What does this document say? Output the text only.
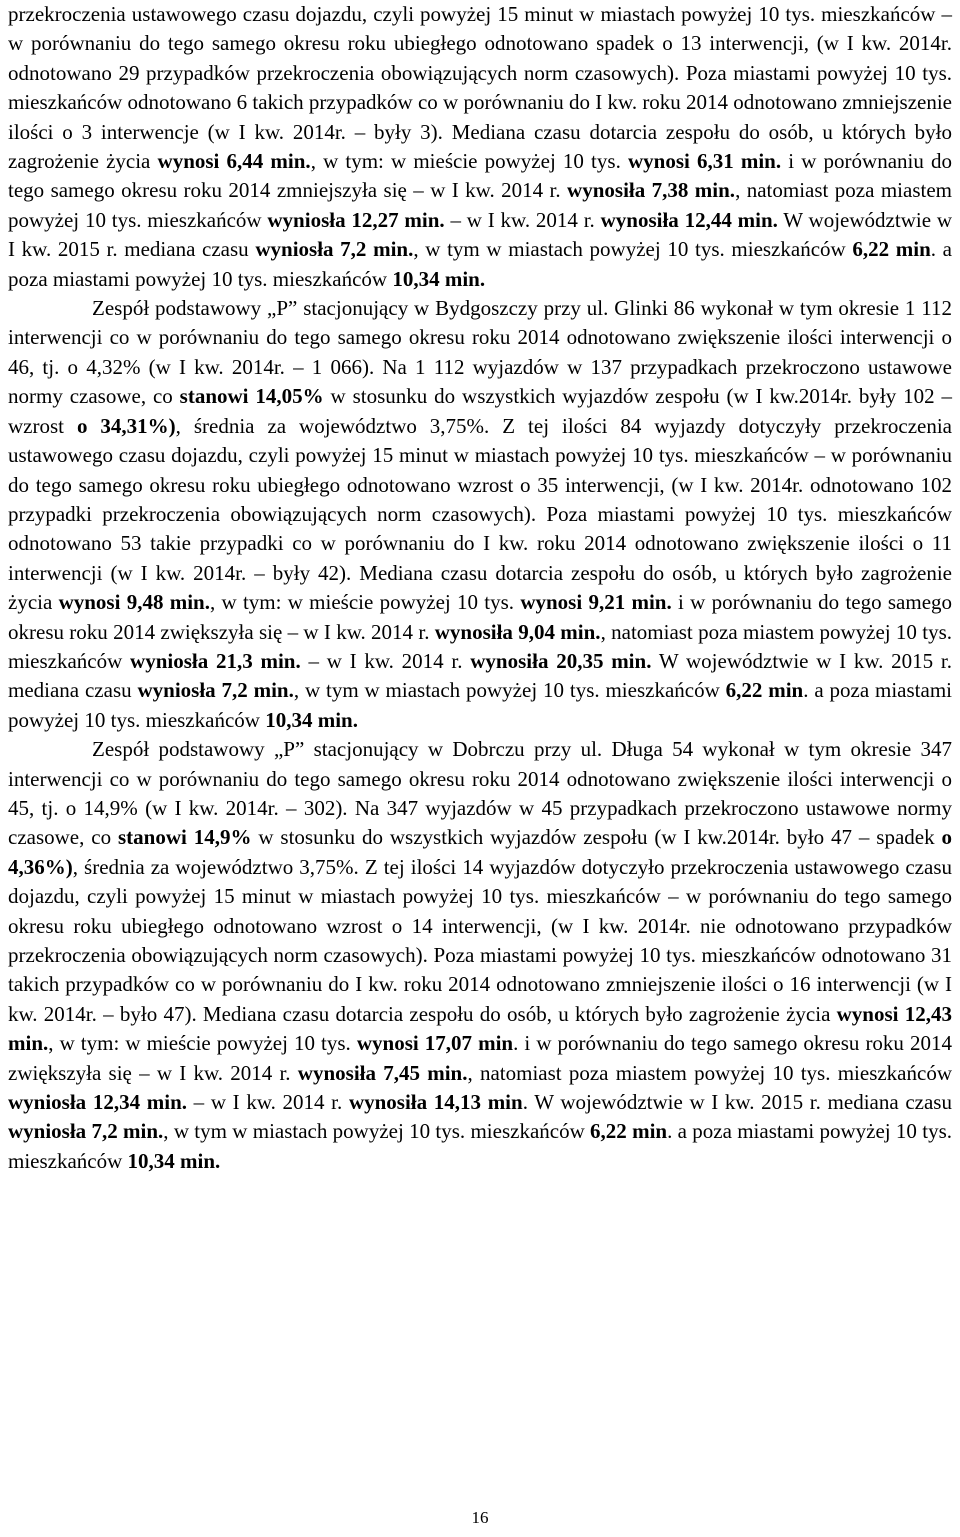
przekroczenia ustawowego czasu dojazdu, czyli powyżej 15 minut w miastach powyżej 10 tys. mieszkańców – w porównaniu do tego samego okresu roku ubiegłego odnotowano spadek o 13 interwencji, (w I kw. 2014r. odnotowano 29 przypadków przekroczenia obowiązujących norm czasowych). Poza miastami powyżej 10 tys. mieszkańców odnotowano 6 takich przypadków co w porównaniu do I kw. roku 2014 odnotowano zmniejszenie ilości o 3 interwencje (w I kw. 2014r. – były 3). Mediana czasu dotarcia zespołu do osób, u których było zagrożenie życia wynosi 6,44 min., w tym: w mieście powyżej 10 tys. wynosi 6,31 min. i w porównaniu do tego samego okresu roku 2014 zmniejszyła się – w I kw. 2014 r. wynosiła 7,38 min., natomiast poza miastem powyżej 10 tys. mieszkańców wyniosła 12,27 min. – w I kw. 2014 r. wynosiła 12,44 min. W województwie w I kw. 2015 r. mediana czasu wyniosła 7,2 min., w tym w miastach powyżej 10 tys. mieszkańców 6,22 min. a poza miastami powyżej 10 tys. mieszkańców 10,34 min.

Zespół podstawowy „P” stacjonujący w Bydgoszczy przy ul. Glinki 86 wykonał w tym okresie 1 112 interwencji co w porównaniu do tego samego okresu roku 2014 odnotowano zwiększenie ilości interwencji o 46, tj. o 4,32% (w I kw. 2014r. – 1 066). Na 1 112 wyjazdów w 137 przypadkach przekroczono ustawowe normy czasowe, co stanowi 14,05% w stosunku do wszystkich wyjazdów zespołu (w I kw.2014r. były 102 – wzrost o 34,31%), średnia za województwo 3,75%. Z tej ilości 84 wyjazdy dotyczyły przekroczenia ustawowego czasu dojazdu, czyli powyżej 15 minut w miastach powyżej 10 tys. mieszkańców – w porównaniu do tego samego okresu roku ubiegłego odnotowano wzrost o 35 interwencji, (w I kw. 2014r. odnotowano 102 przypadki przekroczenia obowiązujących norm czasowych). Poza miastami powyżej 10 tys. mieszkańców odnotowano 53 takie przypadki co w porównaniu do I kw. roku 2014 odnotowano zwiększenie ilości o 11 interwencji (w I kw. 2014r. – były 42). Mediana czasu dotarcia zespołu do osób, u których było zagrożenie życia wynosi 9,48 min., w tym: w mieście powyżej 10 tys. wynosi 9,21 min. i w porównaniu do tego samego okresu roku 2014 zwiększyła się – w I kw. 2014 r. wynosiła 9,04 min., natomiast poza miastem powyżej 10 tys. mieszkańców wyniosła 21,3 min. – w I kw. 2014 r. wynosiła 20,35 min. W województwie w I kw. 2015 r. mediana czasu wyniosła 7,2 min., w tym w miastach powyżej 10 tys. mieszkańców 6,22 min. a poza miastami powyżej 10 tys. mieszkańców 10,34 min.

Zespół podstawowy „P” stacjonujący w Dobrczu przy ul. Długa 54 wykonał w tym okresie 347 interwencji co w porównaniu do tego samego okresu roku 2014 odnotowano zwiększenie ilości interwencji o 45, tj. o 14,9% (w I kw. 2014r. – 302). Na 347 wyjazdów w 45 przypadkach przekroczono ustawowe normy czasowe, co stanowi 14,9% w stosunku do wszystkich wyjazdów zespołu (w I kw.2014r. było 47 – spadek o 4,36%), średnia za województwo 3,75%. Z tej ilości 14 wyjazdów dotyczyło przekroczenia ustawowego czasu dojazdu, czyli powyżej 15 minut w miastach powyżej 10 tys. mieszkańców – w porównaniu do tego samego okresu roku ubiegłego odnotowano wzrost o 14 interwencji, (w I kw. 2014r. nie odnotowano przypadków przekroczenia obowiązujących norm czasowych). Poza miastami powyżej 10 tys. mieszkańców odnotowano 31 takich przypadków co w porównaniu do I kw. roku 2014 odnotowano zmniejszenie ilości o 16 interwencji (w I kw. 2014r. – było 47). Mediana czasu dotarcia zespołu do osób, u których było zagrożenie życia wynosi 12,43 min., w tym: w mieście powyżej 10 tys. wynosi 17,07 min. i w porównaniu do tego samego okresu roku 2014 zwiększyła się – w I kw. 2014 r. wynosiła 7,45 min., natomiast poza miastem powyżej 10 tys. mieszkańców wyniosła 12,34 min. – w I kw. 2014 r. wynosiła 14,13 min. W województwie w I kw. 2015 r. mediana czasu wyniosła 7,2 min., w tym w miastach powyżej 10 tys. mieszkańców 6,22 min. a poza miastami powyżej 10 tys. mieszkańców 10,34 min.

16
